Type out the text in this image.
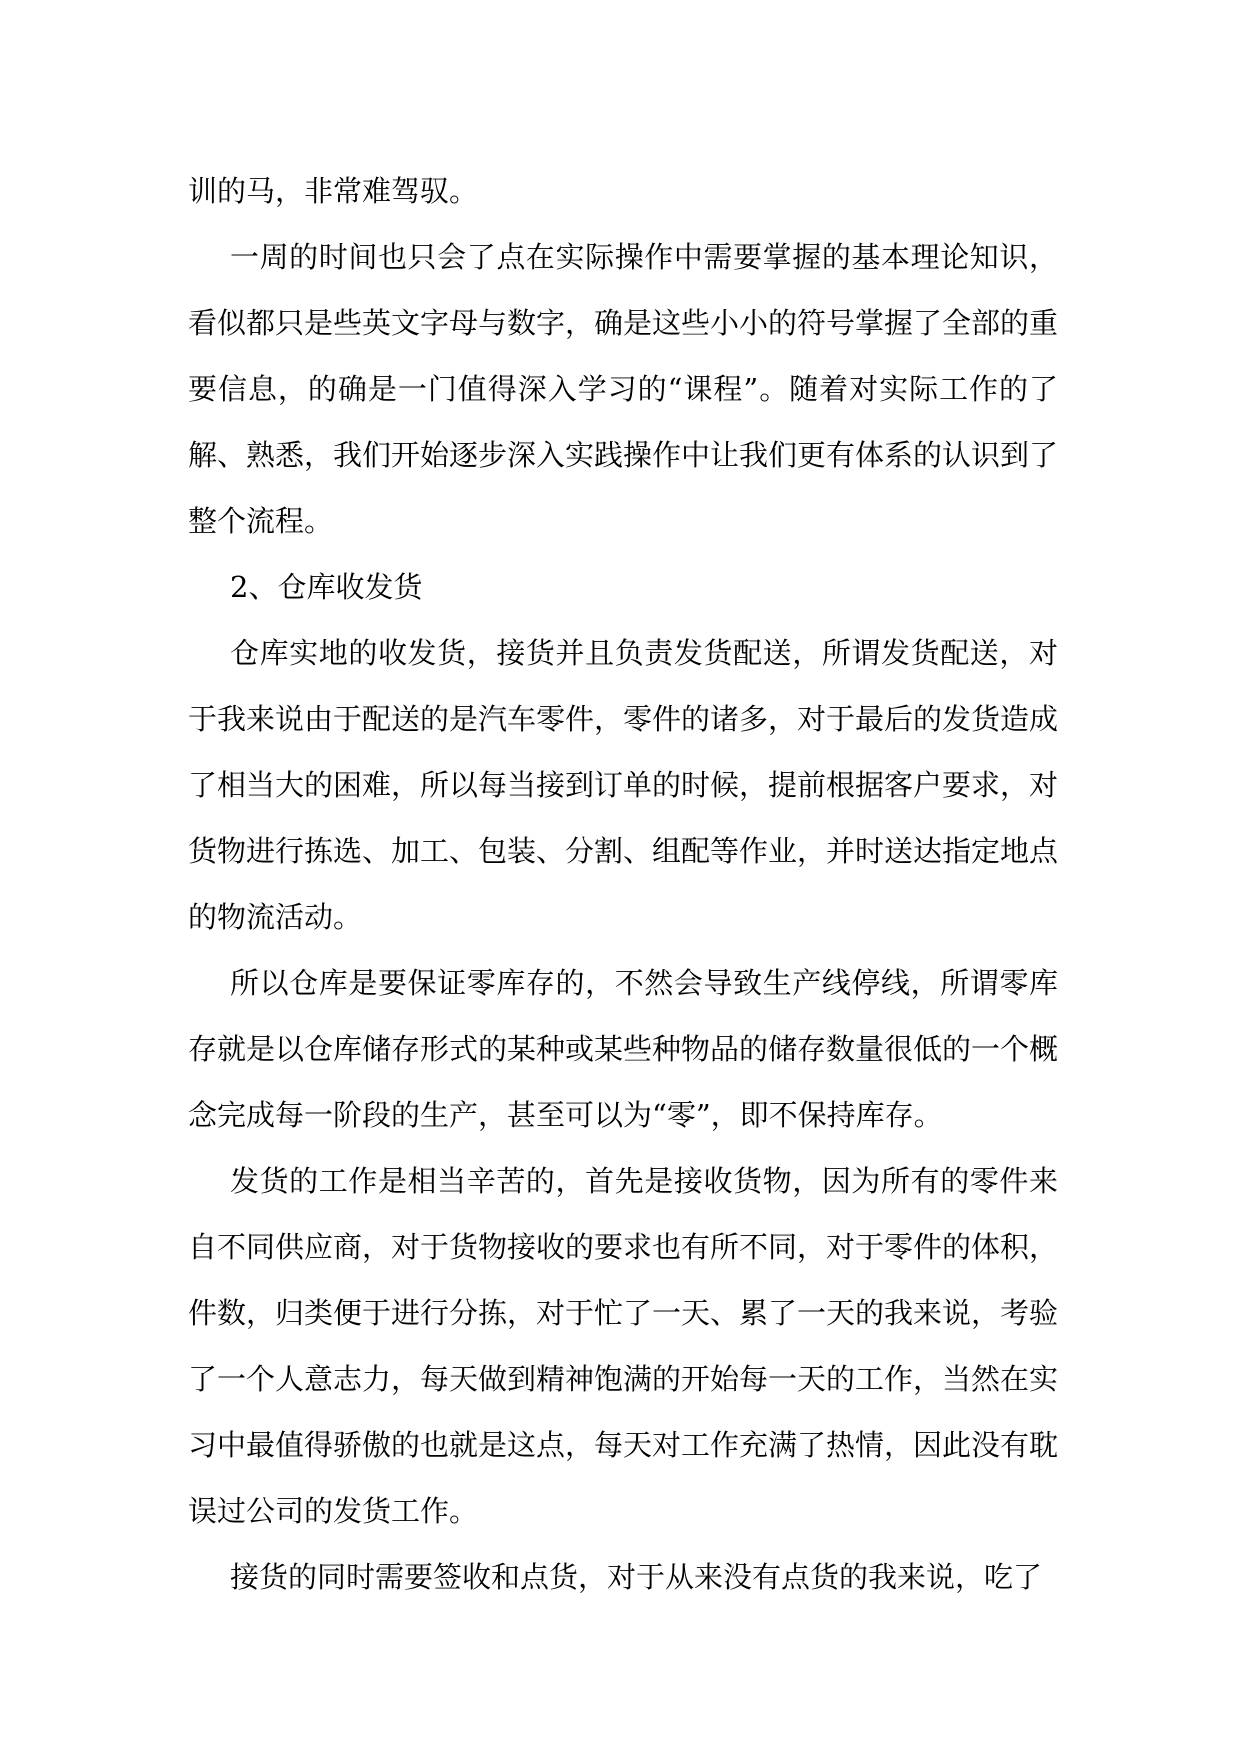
训的马，非常难驾驭。

一周的时间也只会了点在实际操作中需要掌握的基本理论知识，看似都只是些英文字母与数字，确是这些小小的符号掌握了全部的重要信息，的确是一门值得深入学习的“课程”。随着对实际工作的了解、熟悉，我们开始逐步深入实践操作中让我们更有体系的认识到了整个流程。

2、仓库收发货

仓库实地的收发货，接货并且负责发货配送，所谓发货配送，对于我来说由于配送的是汽车零件，零件的诸多，对于最后的发货造成了相当大的困难，所以每当接到订单的时候，提前根据客户要求，对货物进行拣选、加工、包装、分割、组配等作业，并时送达指定地点的物流活动。

所以仓库是要保证零库存的，不然会导致生产线停线，所谓零库存就是以仓库储存形式的某种或某些种物品的储存数量很低的一个概念完成每一阶段的生产，甚至可以为“零”，即不保持库存。

发货的工作是相当辛苦的，首先是接收货物，因为所有的零件来自不同供应商，对于货物接收的要求也有所不同，对于零件的体积，件数，归类便于进行分拣，对于忙了一天、累了一天的我来说，考验了一个人意志力，每天做到精神饱满的开始每一天的工作，当然在实习中最值得骄傲的也就是这点，每天对工作充满了热情，因此没有耽误过公司的发货工作。

接货的同时需要签收和点货，对于从来没有点货的我来说，吃了
